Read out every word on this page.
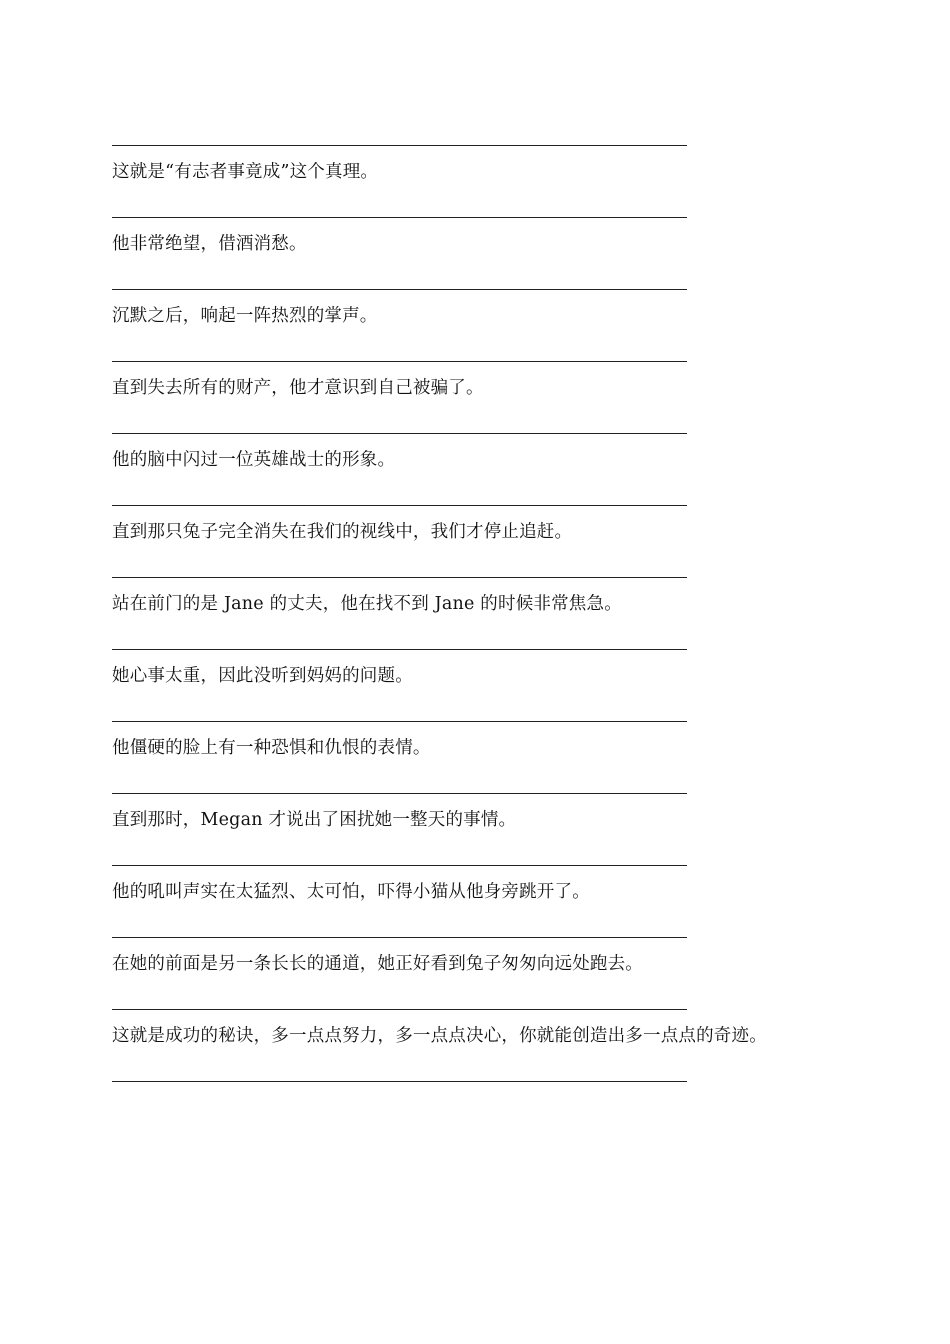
这就是“有志者事竟成”这个真理。
他非常绝望，借酒消愁。
沉默之后，响起一阵热烈的掌声。
直到失去所有的财产，他才意识到自己被骗了。
他的脑中闪过一位英雄战士的形象。
直到那只兔子完全消失在我们的视线中，我们才停止追赶。
站在前门的是 Jane 的丈夫，他在找不到 Jane 的时候非常焦急。
她心事太重，因此没听到妈妈的问题。
他僵硬的脸上有一种恐惧和仇恨的表情。
直到那时，Megan 才说出了困扰她一整天的事情。
他的吼叫声实在太猛烈、太可怕，吓得小猫从他身旁跳开了。
在她的前面是另一条长长的通道，她正好看到兔子匆匆向远处跑去。
这就是成功的秘诀，多一点点努力，多一点点决心，你就能创造出多一点点的奇迹。
